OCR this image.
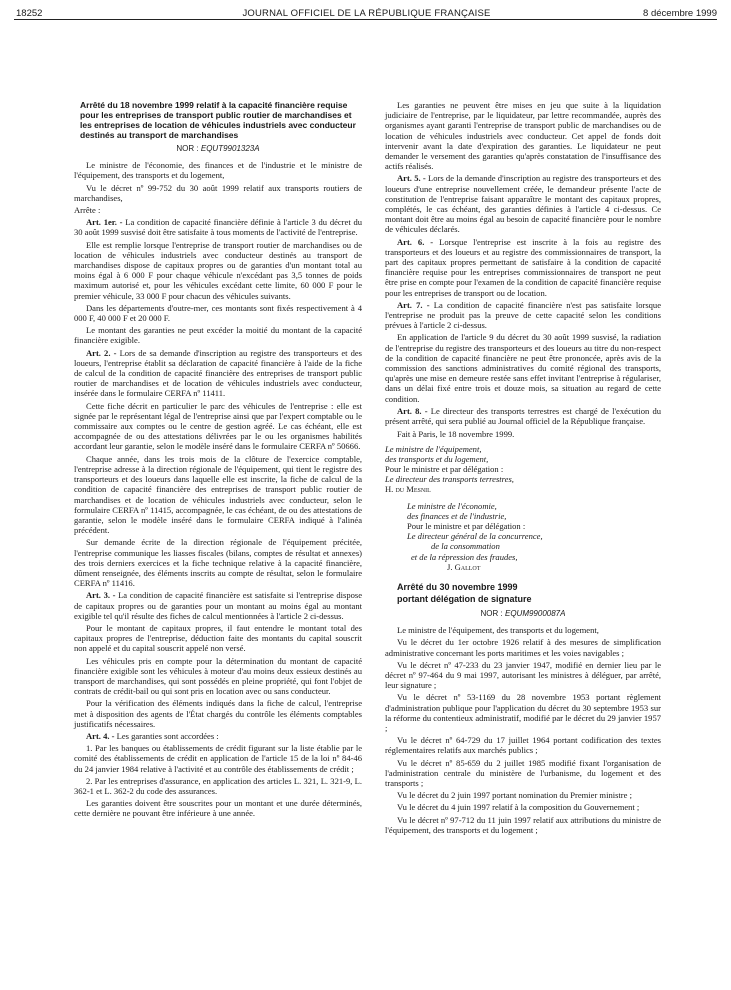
18252	JOURNAL OFFICIEL DE LA RÉPUBLIQUE FRANÇAISE	8 décembre 1999
Arrêté du 18 novembre 1999 relatif à la capacité financière requise pour les entreprises de transport public routier de marchandises et les entreprises de location de véhicules industriels avec conducteur destinés au transport de marchandises
NOR : EQUT9901323A

Le ministre de l'économie, des finances et de l'industrie et le ministre de l'équipement, des transports et du logement,

Vu le décret nº 99-752 du 30 août 1999 relatif aux transports routiers de marchandises,

Arrête :

Art. 1er. - La condition de capacité financière définie à l'article 3 du décret du 30 août 1999 susvisé doit être satisfaite à tous moments de l'activité de l'entreprise.

Elle est remplie lorsque l'entreprise de transport routier de marchandises ou de location de véhicules industriels avec conducteur destinés au transport de marchandises dispose de capitaux propres ou de garanties d'un montant total au moins égal à 6 000 F pour chaque véhicule n'excédant pas 3,5 tonnes de poids maximum autorisé et, pour les véhicules excédant cette limite, 60 000 F pour le premier véhicule, 33 000 F pour chacun des véhicules suivants.

Dans les départements d'outre-mer, ces montants sont fixés respectivement à 4 000 F, 40 000 F et 20 000 F.

Le montant des garanties ne peut excéder la moitié du montant de la capacité financière exigible.

Art. 2. - Lors de sa demande d'inscription au registre des transporteurs et des loueurs, l'entreprise établit sa déclaration de capacité financière à l'aide de la fiche de calcul de la condition de capacité financière des entreprises de transport public routier de marchandises et de location de véhicules industriels avec conducteur, insérée dans le formulaire CERFA nº 11411.

Cette fiche décrit en particulier le parc des véhicules de l'entreprise : elle est signée par le représentant légal de l'entreprise ainsi que par l'expert comptable ou le commissaire aux comptes ou le centre de gestion agréé. Le cas échéant, elle est accompagnée de ou des attestations délivrées par le ou les organismes habilités accordant leur garantie, selon le modèle inséré dans le formulaire CERFA nº 50666.

Chaque année, dans les trois mois de la clôture de l'exercice comptable, l'entreprise adresse à la direction régionale de l'équipement, qui tient le registre des transporteurs et des loueurs dans laquelle elle est inscrite, la fiche de calcul de la condition de capacité financière des entreprises de transport public routier de marchandises et de location de véhicules industriels avec conducteur, selon le formulaire CERFA nº 11415, accompagnée, le cas échéant, de ou des attestations de garantie, selon le modèle inséré dans le formulaire CERFA indiqué à l'alinéa précédent.

Sur demande écrite de la direction régionale de l'équipement précitée, l'entreprise communique les liasses fiscales (bilans, comptes de résultat et annexes) des trois derniers exercices et la fiche technique relative à la capacité financière, dûment renseignée, des éléments inscrits au compte de résultat, selon le formulaire CERFA nº 11416.

Art. 3. - La condition de capacité financière est satisfaite si l'entreprise dispose de capitaux propres ou de garanties pour un montant au moins égal au montant exigible tel qu'il résulte des fiches de calcul mentionnées à l'article 2 ci-dessus.

Pour le montant de capitaux propres, il faut entendre le montant total des capitaux propres de l'entreprise, déduction faite des montants du capital souscrit non appelé et du capital souscrit appelé non versé.

Les véhicules pris en compte pour la détermination du montant de capacité financière exigible sont les véhicules à moteur d'au moins deux essieux destinés au transport de marchandises, qui sont possédés en pleine propriété, qui font l'objet de contrats de crédit-bail ou qui sont pris en location avec ou sans conducteur.

Pour la vérification des éléments indiqués dans la fiche de calcul, l'entreprise met à disposition des agents de l'État chargés du contrôle les éléments comptables justificatifs nécessaires.

Art. 4. - Les garanties sont accordées :

1. Par les banques ou établissements de crédit figurant sur la liste établie par le comité des établissements de crédit en application de l'article 15 de la loi nº 84-46 du 24 janvier 1984 relative à l'activité et au contrôle des établissements de crédit ;

2. Par les entreprises d'assurance, en application des articles L. 321, L. 321-9, L. 362-1 et L. 362-2 du code des assurances.

Les garanties doivent être souscrites pour un montant et une durée déterminés, cette dernière ne pouvant être inférieure à une année.

Les garanties ne peuvent être mises en jeu que suite à la liquidation judiciaire de l'entreprise, par le liquidateur, par lettre recommandée, auprès des organismes ayant garanti l'entreprise de transport public de marchandises ou de location de véhicules industriels avec conducteur. Cet appel de fonds doit intervenir avant la date d'expiration des garanties. Le liquidateur ne peut demander le versement des garanties qu'après constatation de l'insuffisance des actifs réalisés.

Art. 5. - Lors de la demande d'inscription au registre des transporteurs et des loueurs d'une entreprise nouvellement créée, le demandeur présente l'acte de constitution de l'entreprise faisant apparaître le montant des capitaux propres, complétés, le cas échéant, des garanties définies à l'article 4 ci-dessus. Ce montant doit être au moins égal au besoin de capacité financière pour le nombre de véhicules déclarés.

Art. 6. - Lorsque l'entreprise est inscrite à la fois au registre des transporteurs et des loueurs et au registre des commissionnaires de transport, la part des capitaux propres permettant de satisfaire à la condition de capacité financière requise pour les entreprises commissionnaires de transport ne peut être prise en compte pour l'examen de la condition de capacité financière requise pour les entreprises de transport ou de location.

Art. 7. - La condition de capacité financière n'est pas satisfaite lorsque l'entreprise ne produit pas la preuve de cette capacité selon les conditions prévues à l'article 2 ci-dessus.

En application de l'article 9 du décret du 30 août 1999 susvisé, la radiation de l'entreprise du registre des transporteurs et des loueurs au titre du non-respect de la condition de capacité financière ne peut être prononcée, après avis de la commission des sanctions administratives du comité régional des transports, qu'après une mise en demeure restée sans effet invitant l'entreprise à régulariser, dans un délai fixé entre trois et douze mois, sa situation au regard de cette condition.

Art. 8. - Le directeur des transports terrestres est chargé de l'exécution du présent arrêté, qui sera publié au Journal officiel de la République française.

Fait à Paris, le 18 novembre 1999.

Le ministre de l'équipement,

des transports et du logement,

Pour le ministre et par délégation :

Le directeur des transports terrestres,

H. du Mesnil

Le ministre de l'économie,

des finances et de l'industrie,

Pour le ministre et par délégation :

Le directeur général de la concurrence,

de la consommation

et de la répression des fraudes,

J. Gallot

Arrêté du 30 novembre 1999

portant délégation de signature

NOR : EQUM9900087A

Le ministre de l'équipement, des transports et du logement,

Vu le décret du 1er octobre 1926 relatif à des mesures de simplification administrative concernant les ports maritimes et les voies navigables ;

Vu le décret nº 47-233 du 23 janvier 1947, modifié en dernier lieu par le décret nº 97-464 du 9 mai 1997, autorisant les ministres à déléguer, par arrêté, leur signature ;

Vu le décret nº 53-1169 du 28 novembre 1953 portant règlement d'administration publique pour l'application du décret du 30 septembre 1953 sur la réforme du contentieux administratif, modifié par le décret du 29 janvier 1957 ;

Vu le décret nº 64-729 du 17 juillet 1964 portant codification des textes réglementaires relatifs aux marchés publics ;

Vu le décret nº 85-659 du 2 juillet 1985 modifié fixant l'organisation de l'administration centrale du ministère de l'urbanisme, du logement et des transports ;

Vu le décret du 2 juin 1997 portant nomination du Premier ministre ;

Vu le décret du 4 juin 1997 relatif à la composition du Gouvernement ;

Vu le décret nº 97-712 du 11 juin 1997 relatif aux attributions du ministre de l'équipement, des transports et du logement ;
